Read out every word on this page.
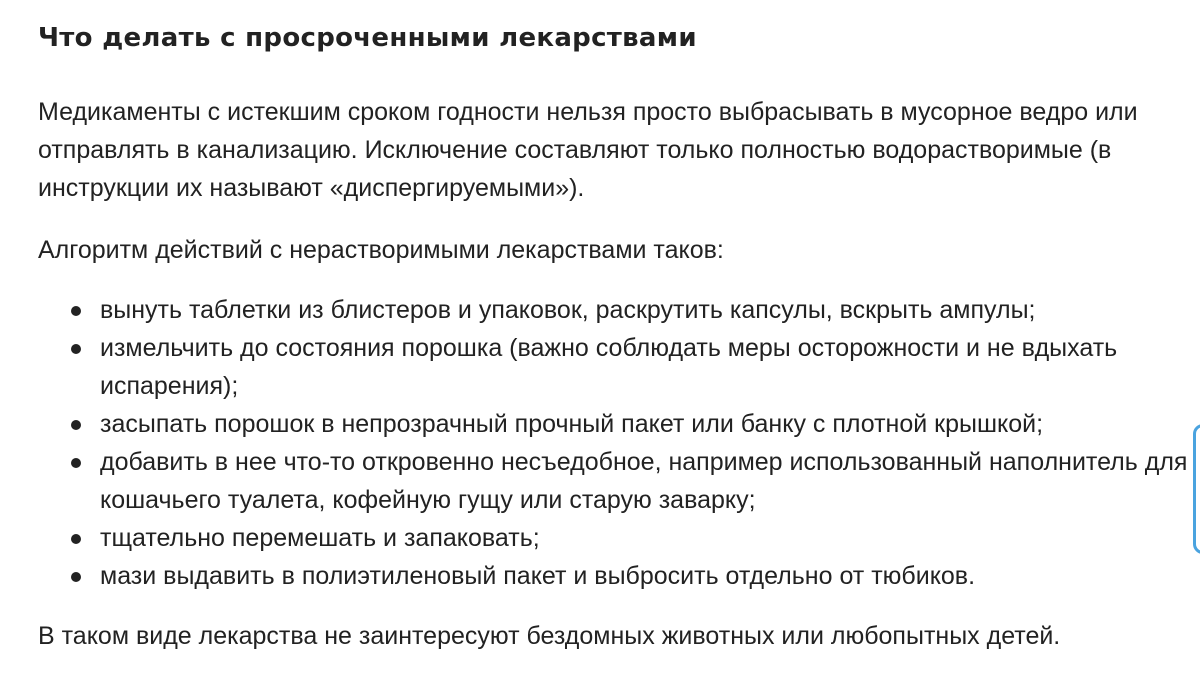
Что делать с просроченными лекарствами

Медикаменты с истекшим сроком годности нельзя просто выбрасывать в мусорное ведро или
отправлять в канализацию. Исключение составляют только полностью водорастворимые (в
инструкции их называют «диспергируемыми»).

Алгоритм действий с нерастворимыми лекарствами таков:

вынуть таблетки из блистеров и упаковок, раскрутить капсулы, вскрыть ампулы;
измельчить до состояния порошка (важно соблюдать меры осторожности и не вдыхать
испарения);
засыпать порошок в непрозрачный прочный пакет или банку с плотной крышкой;
добавить в нее что-то откровенно несъедобное, например использованный наполнитель для
кошачьего туалета, кофейную гущу или старую заварку;
тщательно перемешать и запаковать;
мази выдавить в полиэтиленовый пакет и выбросить отдельно от тюбиков.

В таком виде лекарства не заинтересуют бездомных животных или любопытных детей.
